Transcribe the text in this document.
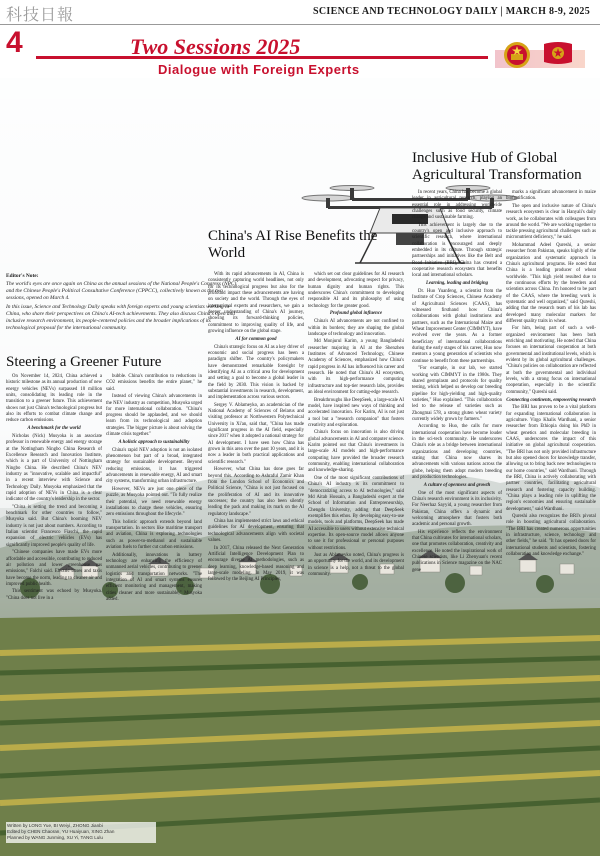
科技日報	SCIENCE AND TECHNOLOGY DAILY | MARCH 8-9, 2025
4	Two Sessions 2025
Dialogue with Foreign Experts
Editor's Note:

The world's eyes are once again on China as the annual sessions of the National People's Congress (NPC) and the Chinese People's Political Consultative Conference (CPPCC), collectively known as the two sessions, opened on March 4.

In this issue, Science and Technology Daily speaks with foreign experts and young scientists working in China, who share their perspectives on China's AI-tech achievements. They also discuss China's open and inclusive research environment, its people-centered policies and the broader implications of its technological proposal for the international community.

Steering a Greener Future

On November 14, 2024, China achieved a historic milestone as its annual production of new energy vehicles (NEVs) surpassed 10 million units, consolidating its leading role in the transition to a greener future. This achievement shows not just China's technological progress but also its efforts to combat climate change and reduce carbon emissions.

A benchmark for the world

Nicholas (Nick) Musyoka is an associate professor in renewable energy and energy storage at the Nottingham Ningbo China Research of Excellence Research and Innovation Institute, which is a part of University of Nottingham Ningbo China. He described China's NEV industry as "innovative, scalable and impactful" in a recent interview with Science and Technology Daily. Musyoka emphasized that the rapid adoption of NEVs in China is a clear indicator of the country's leadership in the sector.

"China is setting the trend and becoming a benchmark for other countries to follow," Musyoka said. But China's booming NEV industry is not just about numbers. According to Italian scientist Francesco Fiaschi, the rapid expansion of electric vehicles (EVs) has significantly improved people's quality of life.

"Chinese companies have made EVs more affordable and accessible, contributing to reduced air pollution and lower greenhouse gas emissions," Falchi said. Electric buses and taxis have become the norm, leading to cleaner air and improved public health.

This sentiment was echoed by Musyoka. "China does not live in a

bubble. China's contribution to reductions in CO2 emissions benefits the entire planet," he said.

Instead of viewing China's advancements in the NEV industry as competition, Musyoka urged for more international collaboration. "China's progress should be applauded, and we should learn from its technological and adoption strategies. The bigger picture is about solving the climate crisis together."

A holistic approach to sustainability

China's rapid NEV adoption is not an isolated phenomenon but part of a broad, integrated strategy for sustainable development. Beyond reducing emissions, it has triggered advancements in renewable energy, AI and smart city systems, transforming urban infrastructure.

However, NEVs are just one piece of the puzzle, as Musyoka pointed out. "To fully realize their potential, we need renewable energy installations to charge these vehicles, ensuring zero emissions throughout the lifecycle."

This holistic approach extends beyond land transportation. In sectors like maritime transport and aviation, China is exploring technologies such as power-to-methanol and sustainable aviation fuels to further cut carbon emissions.

Additionally, innovations in battery technology are enhancing the efficiency of unmanned aerial vehicles, contributing to greener logistics and transportation networks. "The integration of AI and smart systems ensures efficient monitoring and management, making cities cleaner and more sustainable," Musyoka added.

China's AI Rise Benefits the World

With its rapid advancements in AI, China is consistently capturing world headlines, not only for its technological progress but also for the profound impact these advancements are having on society and the world. Through the eyes of international experts and researchers, we gain a deeper understanding of China's AI journey, showing its forward-thinking policies, commitment to improving quality of life, and growing influence on the global stage.

AI for common good

China's strategic focus on AI as a key driver of economic and social progress has been a paradigm shifter. The country's policymakers have demonstrated remarkable foresight by identifying AI as a critical area for development and setting a goal to become a global leader in the field by 2030. This vision is backed by substantial investments in research, development, and implementation across various sectors.

Sergey V. Ablameyko, an academician of the National Academy of Sciences of Belarus and visiting professor at Northwestern Polytechnical University in Xi'an, said that, "China has made significant progress in the AI field, especially since 2017 when it adopted a national strategy for AI development. I have seen how China has grown in this area over the past 10 years, and it is now a leader in both practical applications and scientific research."

However, what China has done goes far beyond this. According to Ashraful Zamir Khan from the London School of Economics and Political Science, "China is not just focused on the proliferation of AI and its innovative successes; the country has also been silently leading the pack and making its mark on the AI regulatory landscape."

China has implemented strict laws and ethical guidelines for AI development, ensuring that technological advancements align with societal values.

In 2017, China released the Next Generation Artificial Intelligence Development Plan to encourage diverse AI methodologies, such as deep learning, knowledge-based reasoning and large-scale modeling. In May 2019, it was followed by the Beijing AI Principles,

which set out clear guidelines for AI research and development, advocating respect for privacy, human dignity and human rights. This underscores China's commitment to developing responsible AI and its philosophy of using technology for the greater good.

Profound global influence

China's AI advancements are not confined to within its borders; they are shaping the global landscape of technology and innovation.

Md Monjurul Karim, a young Bangladeshi researcher majoring in AI at the Shenzhen Institutes of Advanced Technology, Chinese Academy of Sciences, emphasized how China's rapid progress in AI has influenced his career and research. He noted that China's AI ecosystem, with its high-performance computing infrastructure and top-tier research labs, provides an ideal environment for cutting-edge research.

Breakthroughs like DeepSeek, a large-scale AI model, have inspired new ways of thinking and accelerated innovation. For Karim, AI is not just a tool but a "research companion" that fosters creativity and exploration.

China's focus on innovation is also driving global advancements in AI and computer science. Karim pointed out that China's investments in large-scale AI models and high-performance computing have provided the broader research community, enabling international collaboration and knowledge-sharing.

One of the most significant contributions of China's AI industry is its commitment to "democratizing access to AI technologies," said Md Aitab Hossain, a Bangladeshi expert at the School of Information and Entrepreneurship, Chengdu University, adding that DeepSeek exemplifies this ethos. By developing easy-to-use models, tools and platforms, DeepSeek has made AI accessible to users without extensive technical expertise. Its open-source model allows anyone to use it for professional or personal purposes without restrictions.

Just as Ablameyko noted, China's progress is an opportunity for the world, and its development in science is a help, not a threat to the global community.

Inclusive Hub of Global Agricultural Transformation

In recent years, China has become a global leader in agricultural research, playing an essential role in addressing worldwide challenges such as food security, climate change and sustainable farming.

This achievement is largely due to the country's open and inclusive approach to scientific research, where international collaboration is encouraged and deeply embedded in its culture. Through strategic partnerships and initiatives like the Belt and Road Initiative (BRI), China has created a cooperative research ecosystem that benefits local and international scholars.

Learning, leading and bridging

Dr. Huo Yuanfeng, a scientist from the Institute of Crop Sciences, Chinese Academy of Agricultural Sciences (CAAS), has witnessed firsthand how China's collaborations with global institutions and partners, such as the International Maize and Wheat Improvement Center (CIMMYT), have evolved over the years. As a former beneficiary of international collaborations during the early stages of his career, Huo now mentors a young generation of scientists who continue to benefit from these partnerships.

"For example, in our lab, we started working with CIMMYT in the 1980s. They shared germplasm and protocols for quality testing, which helped us develop our breeding pipeline for high-yielding and high-quality varieties," Huo explained. "This collaboration led to the release of varieties such as Zhongmai 578, a strong gluten wheat variety currently widely grown by farmers."

According to Huo, the calls for more international cooperation have become louder in the sci-tech community. He underscores China's role as a bridge between international organizations and developing countries, stating that China now shares its advancements with various nations across the globe, helping them adopt modern breeding and production technologies.

A culture of openness and growth

One of the most significant aspects of China's research environment is its inclusivity. For Neerhaz Sayyid, a young researcher from Pakistan, China offers a dynamic and welcoming atmosphere that fosters both academic and personal growth.

His experience reflects the environment that China cultivates for international scholars, one that promotes collaboration, creativity and excellence. He noted the inspirational work of Chinese scientists, like Li Zhenyuan's recent publications in Science magazine on the NAC gene

marks a significant advancement in maize biofortification.

The open and inclusive nature of China's research ecosystem is clear in Hanyali's daily work, as he collaborates with colleagues from around the world. "We are working together to tackle pressing agricultural challenges such as micronutrient deficiency," he said.

Mohammad Adeel Qureshi, a senior researcher from Pakistan, speaks highly of the organization and systematic approach in China's agricultural programs. He noted that China is a leading producer of wheat worldwide. "This high yield resulted due to the continuous efforts by the breeders and scientists across China. I'm honored to be part of the CAAS, where the breeding work is systematic and well organized," said Qureshi, adding that the research team of his lab has developed many molecular markers for different quality traits in wheat.

For him, being part of such a well-organized environment has been both enriching and motivating. He noted that China focuses on international cooperation at both governmental and institutional levels, which is evident by its global agricultural challenges. "China's policies on collaboration are reflected at both the governmental and individual levels, with a strong focus on international cooperation, especially in the scientific community," Qureshi said.

Connecting continents, empowering research

The BRI has proven to be a vital platform for expanding international collaboration in agriculture. Virgo Khalis Wardhani, a senior researcher from Ethiopia doing his PhD in wheat genetics and molecular breeding in CAAS, underscores the impact of this initiative on global agricultural cooperation. "The BRI has not only provided infrastructure but also opened doors for knowledge transfer, allowing us to bring back new technologies to our home countries," said Wardhani. Through the BRI, China is actively collaborating with partner countries, facilitating agricultural research and fostering capacity building. "China plays a leading role in uplifting the region's economies and ensuring sustainable development," said Wardhani.

Qureshi also recognizes the BRI's pivotal role in boosting agricultural collaboration. "The BRI has created numerous opportunities in infrastructure, science, technology and other fields," he said. "It has opened doors for international students and scientists, fostering collaboration and knowledge exchange."

Written by LONG Yue, BI Weiyi, ZHONG Jianbi
Edited by CHEN Chaoran, YU Huaiyuan, XING Zhan
Planned by WANG Junming, XU Yi, TANG Lulu
